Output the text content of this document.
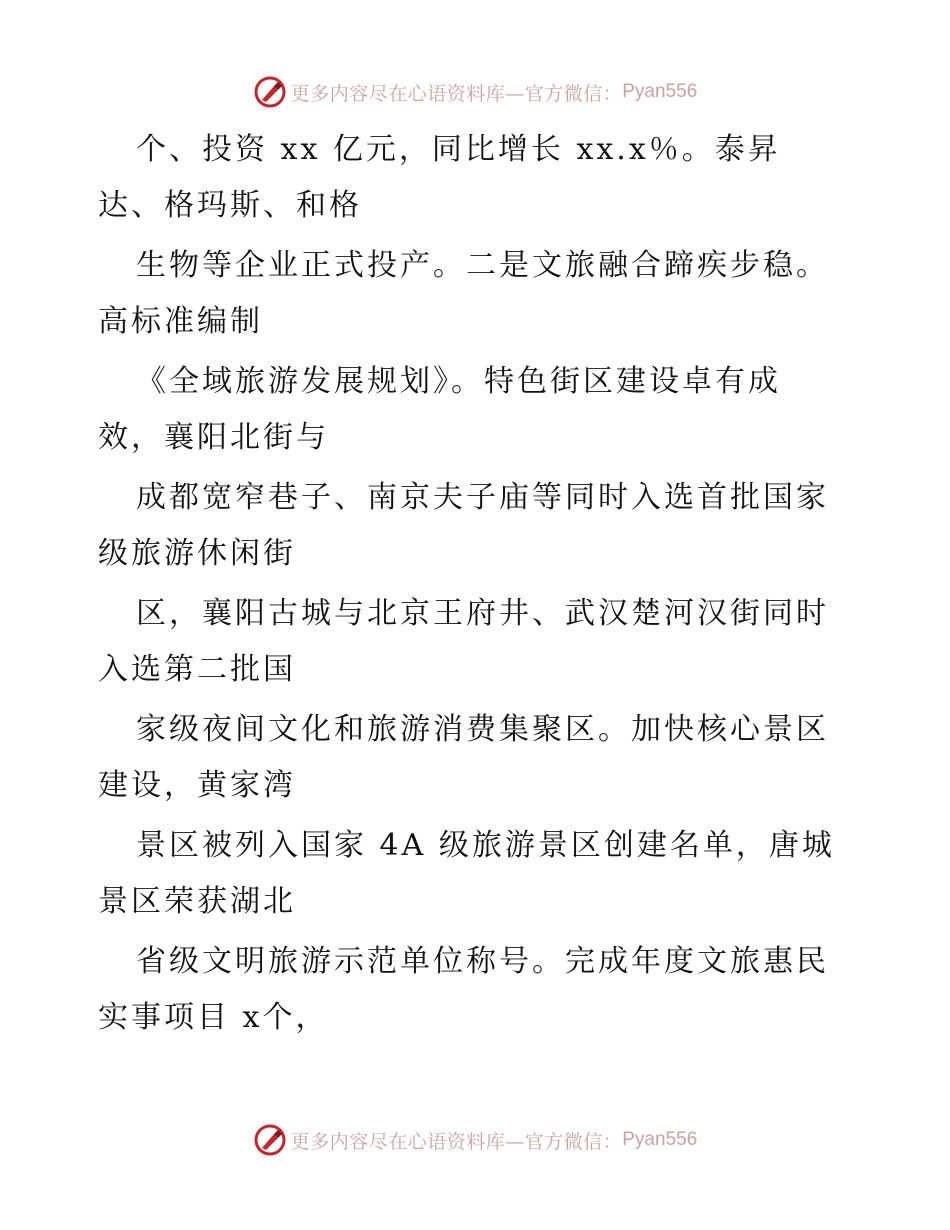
更多内容尽在心语资料库—官方微信： Pyan556
个、投资 xx 亿元，同比增长 xx.x％。泰昇
达、格玛斯、和格
生物等企业正式投产。二是文旅融合蹄疾步稳。
高标准编制
《全域旅游发展规划》。特色街区建设卓有成
效，襄阳北街与
成都宽窄巷子、南京夫子庙等同时入选首批国家
级旅游休闲街
区，襄阳古城与北京王府井、武汉楚河汉街同时
入选第二批国
家级夜间文化和旅游消费集聚区。加快核心景区
建设，黄家湾
景区被列入国家 4A 级旅游景区创建名单，唐城
景区荣获湖北
省级文明旅游示范单位称号。完成年度文旅惠民
实事项目 x个，
更多内容尽在心语资料库—官方微信： Pyan556
